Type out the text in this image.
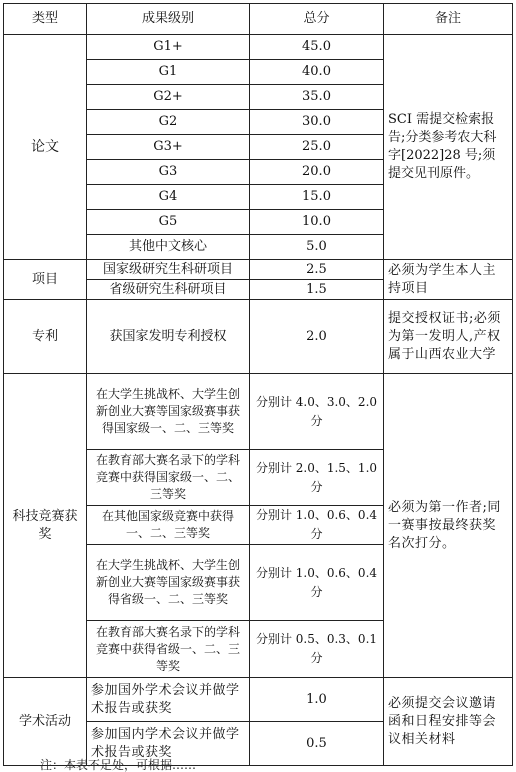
类型	成果级别	总分	备注
论文	G1+	45.0	SCI 需提交检索报告;分类参考农大科字[2022]28 号;须提交见刊原件。
	G1	40.0	
	G2+	35.0	
	G2	30.0	
	G3+	25.0	
	G3	20.0	
	G4	15.0	
	G5	10.0	
	其他中文核心	5.0	
项目	国家级研究生科研项目	2.5	必须为学生本人主持项目
	省级研究生科研项目	1.5	
专利	获国家发明专利授权	2.0	提交授权证书;必须为第一发明人,产权属于山西农业大学
科技竞赛获奖	在大学生挑战杯、大学生创新创业大赛等国家级赛事获得国家级一、二、三等奖	分别计 4.0、3.0、2.0 分	必须为第一作者;同一赛事按最终获奖名次打分。
	在教育部大赛名录下的学科竞赛中获得国家级一、二、三等奖	分别计 2.0、1.5、1.0 分	
	在其他国家级竞赛中获得一、二、三等奖	分别计 1.0、0.6、0.4 分	
	在大学生挑战杯、大学生创新创业大赛等国家级赛事获得省级一、二、三等奖	分别计 1.0、0.6、0.4 分	
	在教育部大赛名录下的学科竞赛中获得省级一、二、三等奖	分别计 0.5、0.3、0.1 分	
学术活动	参加国外学术会议并做学术报告或获奖	1.0	必须提交会议邀请函和日程安排等会议相关材料
	参加国内学术会议并做学术报告或获奖	0.5	
注：本表不足处，可根据……
